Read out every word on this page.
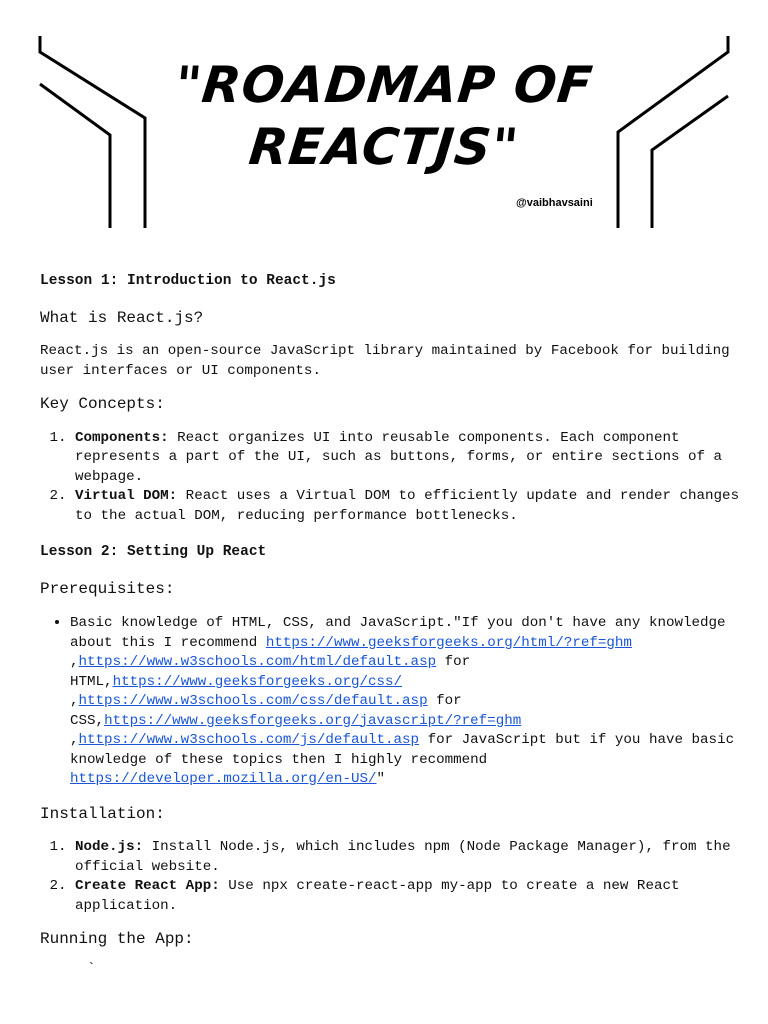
"ROADMAP OF
REACTJS"
@vaibhavsaini

Lesson 1: Introduction to React.js

What is React.js?

React.js is an open-source JavaScript library maintained by Facebook for building user interfaces or UI components.

Key Concepts:

1. Components: React organizes UI into reusable components. Each component represents a part of the UI, such as buttons, forms, or entire sections of a webpage.
2. Virtual DOM: React uses a Virtual DOM to efficiently update and render changes to the actual DOM, reducing performance bottlenecks.

Lesson 2: Setting Up React

Prerequisites:

• Basic knowledge of HTML, CSS, and JavaScript."If you don't have any knowledge about this I recommend https://www.geeksforgeeks.org/html/?ref=ghm ,https://www.w3schools.com/html/default.asp for HTML,https://www.geeksforgeeks.org/css/ ,https://www.w3schools.com/css/default.asp for CSS,https://www.geeksforgeeks.org/javascript/?ref=ghm ,https://www.w3schools.com/js/default.asp for JavaScript but if you have basic knowledge of these topics then I highly recommend https://developer.mozilla.org/en-US/"

Installation:

1. Node.js: Install Node.js, which includes npm (Node Package Manager), from the official website.
2. Create React App: Use npx create-react-app my-app to create a new React application.

Running the App:

`
